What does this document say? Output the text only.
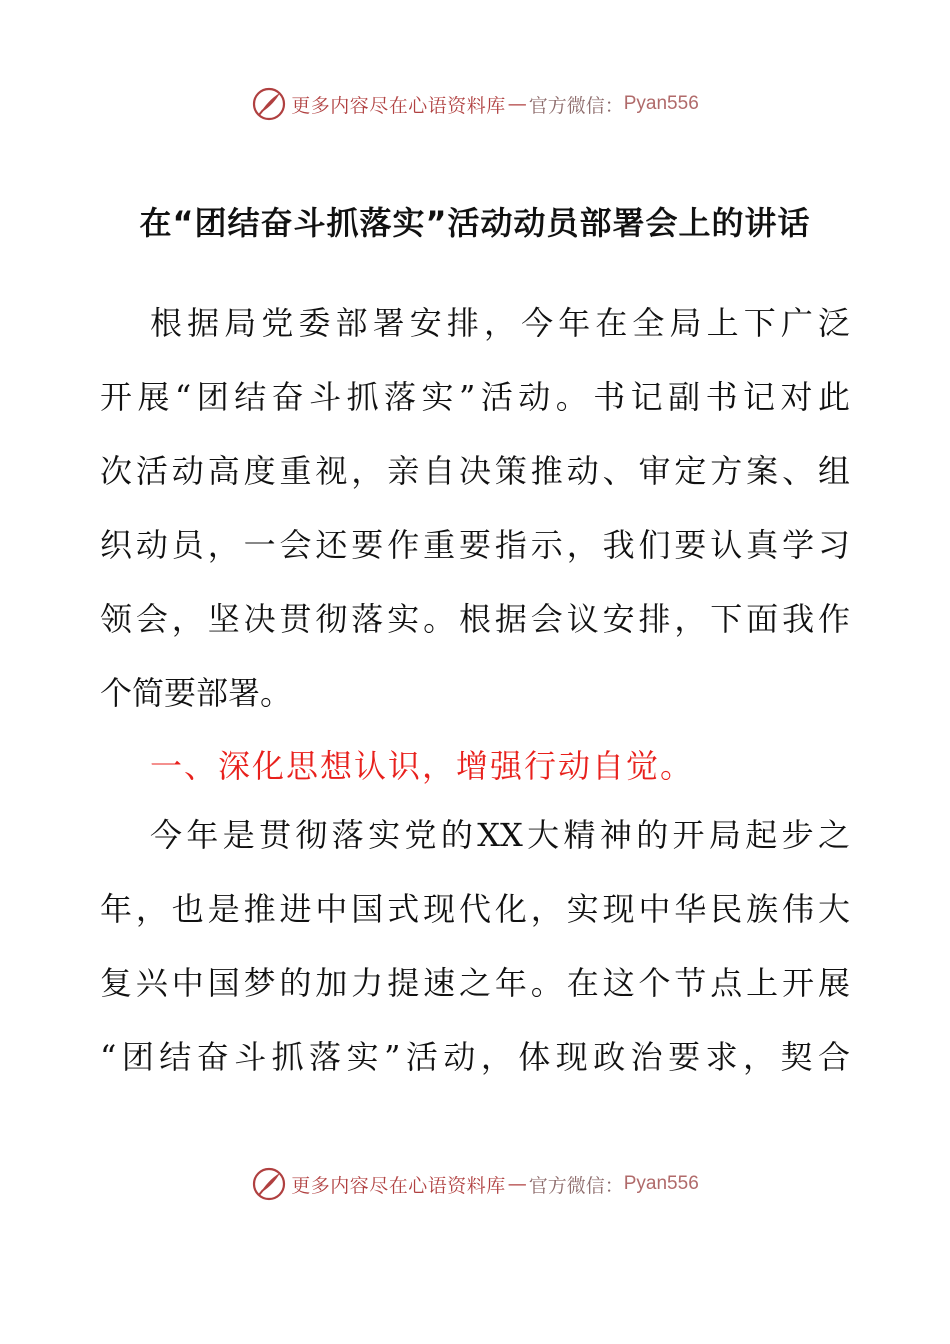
更多内容尽在心语资料库 — 官方微信： Pyan556
在“团结奋斗抓落实”活动动员部署会上的讲话
根据局党委部署安排，今年在全局上下广泛
开展“团结奋斗抓落实”活动。书记副书记对此
次活动高度重视，亲自决策推动、审定方案、组
织动员，一会还要作重要指示，我们要认真学习
领会，坚决贯彻落实。根据会议安排，下面我作
个简要部署。
一、深化思想认识，增强行动自觉。
今年是贯彻落实党的XX大精神的开局起步之
年，也是推进中国式现代化，实现中华民族伟大
复兴中国梦的加力提速之年。在这个节点上开展
“团结奋斗抓落实”活动，体现政治要求，契合
更多内容尽在心语资料库 — 官方微信： Pyan556
